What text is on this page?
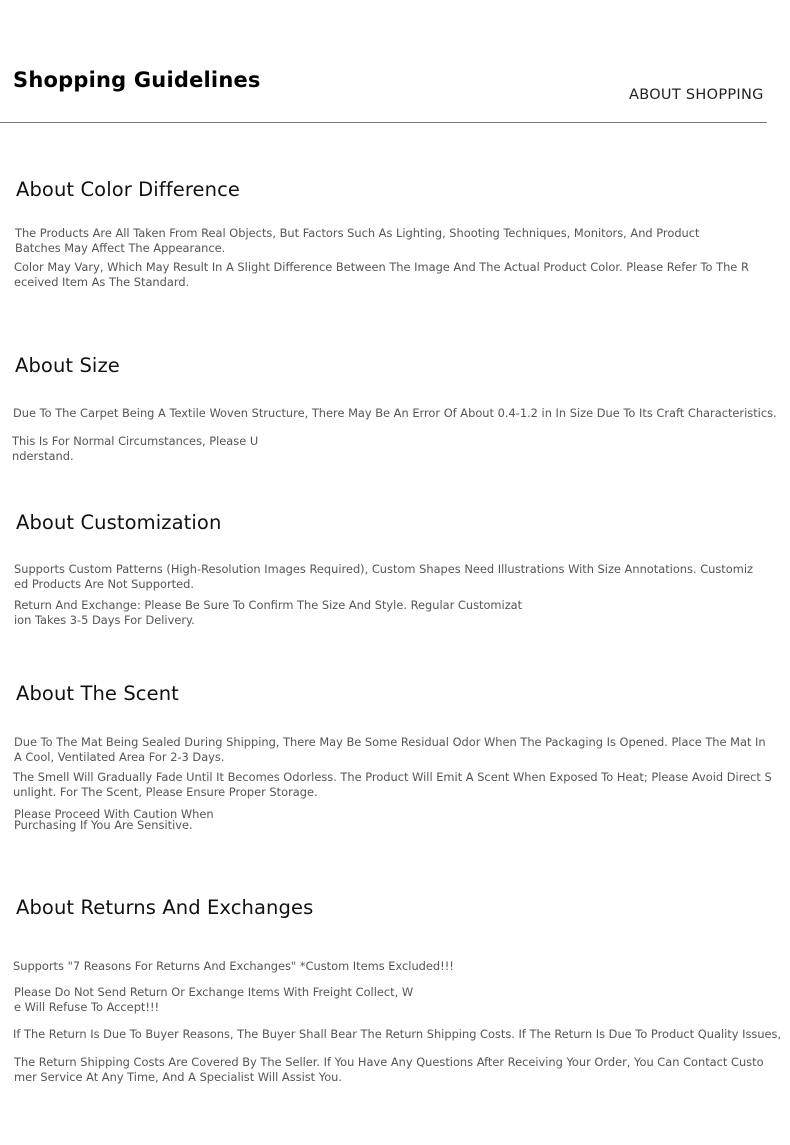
Shopping Guidelines
ABOUT SHOPPING
About Color Difference

The Products Are All Taken From Real Objects, But Factors Such As Lighting, Shooting Techniques, Monitors, And Product
Batches May Affect The Appearance.

Color May Vary, Which May Result In A Slight Difference Between The Image And The Actual Product Color. Please Refer To The R
eceived Item As The Standard.

About Size

Due To The Carpet Being A Textile Woven Structure, There May Be An Error Of About 0.4-1.2 in In Size Due To Its Craft Characteristics.

This Is For Normal Circumstances, Please U
nderstand.

About Customization

Supports Custom Patterns (High-Resolution Images Required), Custom Shapes Need Illustrations With Size Annotations. Customiz
ed Products Are Not Supported.

Return And Exchange: Please Be Sure To Confirm The Size And Style. Regular Customizat
ion Takes 3-5 Days For Delivery.

About The Scent

Due To The Mat Being Sealed During Shipping, There May Be Some Residual Odor When The Packaging Is Opened. Place The Mat In
A Cool, Ventilated Area For 2-3 Days.

The Smell Will Gradually Fade Until It Becomes Odorless. The Product Will Emit A Scent When Exposed To Heat; Please Avoid Direct S
unlight. For The Scent, Please Ensure Proper Storage.

Please Proceed With Caution When
Purchasing If You Are Sensitive.

About Returns And Exchanges

Supports "7 Reasons For Returns And Exchanges" *Custom Items Excluded!!!

Please Do Not Send Return Or Exchange Items With Freight Collect, W
e Will Refuse To Accept!!!

If The Return Is Due To Buyer Reasons, The Buyer Shall Bear The Return Shipping Costs. If The Return Is Due To Product Quality Issues,

The Return Shipping Costs Are Covered By The Seller. If You Have Any Questions After Receiving Your Order, You Can Contact Custo
mer Service At Any Time, And A Specialist Will Assist You.
